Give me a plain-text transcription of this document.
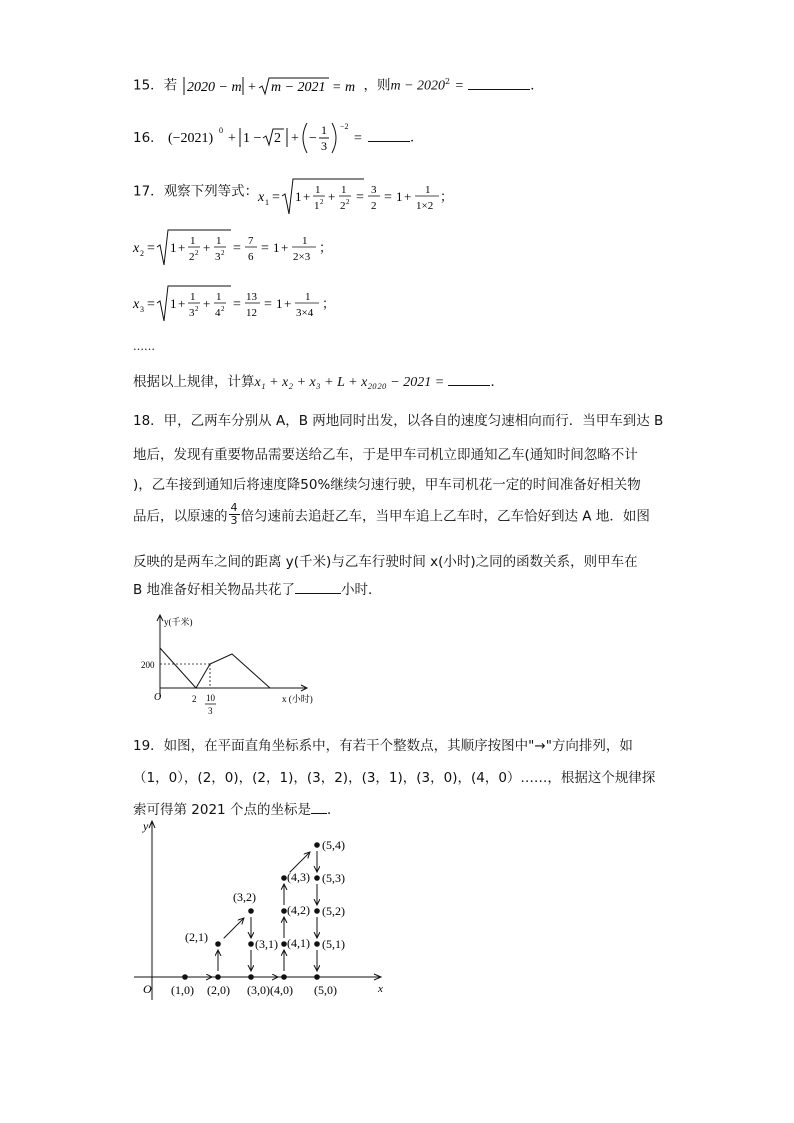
15．若 2020 − m + m − 2021 = m ，则$m - 2020^2$ =	．
16． (−2021)
0
+ 1 − 2 + −
1
3
−2
=	．
17．观察下列等式： x 1 = 1 + 1
1 2 + 1
2 2 = 3
2
= 1 + 1
1×2
；
x 2 = 1 + 1
2 2 + 1
3 2 = 7
6
= 1 + 1
2×3
；
x 3 = 1 + 1
3 2 + 1
4 2 = 13
12
= 1 + 1
3×4
；
……
根据以上规律，计算x₁ + x₂ + x₃ + L + x₂₀₂₀ − 2021 =	．
18．甲，乙两车分别从 A，B 两地同时出发，以各自的速度匀速相向而行．当甲车到达 B
地后，发现有重要物品需要送给乙车，于是甲车司机立即通知乙车(通知时间忽略不计
)，乙车接到通知后将速度降50%继续匀速行驶，甲车司机花一定的时间准备好相关物
品后，以原速的 $\frac{4}{3}$ 倍匀速前去追赶乙车，当甲车追上乙车时，乙车恰好到达 A 地．如图
反映的是两车之间的距离 y(千米)与乙车行驶时间 x(小时)之同的函数关系，则甲车在
B 地准备好相关物品共花了	小时．
y(千米)
x (小时)
O
200
2 10
3
19．如图，在平面直角坐标系中，有若干个整数点，其顺序按图中"→"方向排列，如
（1，0），(2，0)，(2，1)，(3，2)，(3，1)，(3，0)，(4，0）……，根据这个规律探
索可得第 2021 个点的坐标是 ．
y
x
O (1,0) (2,0)
(2,1)
(3,2)
(3,1)
(3,0) (4,0)
(4,1)
(4,2)
(4,3)
(5,4)
(5,3)
(5,2)
(5,1)
(5,0)
